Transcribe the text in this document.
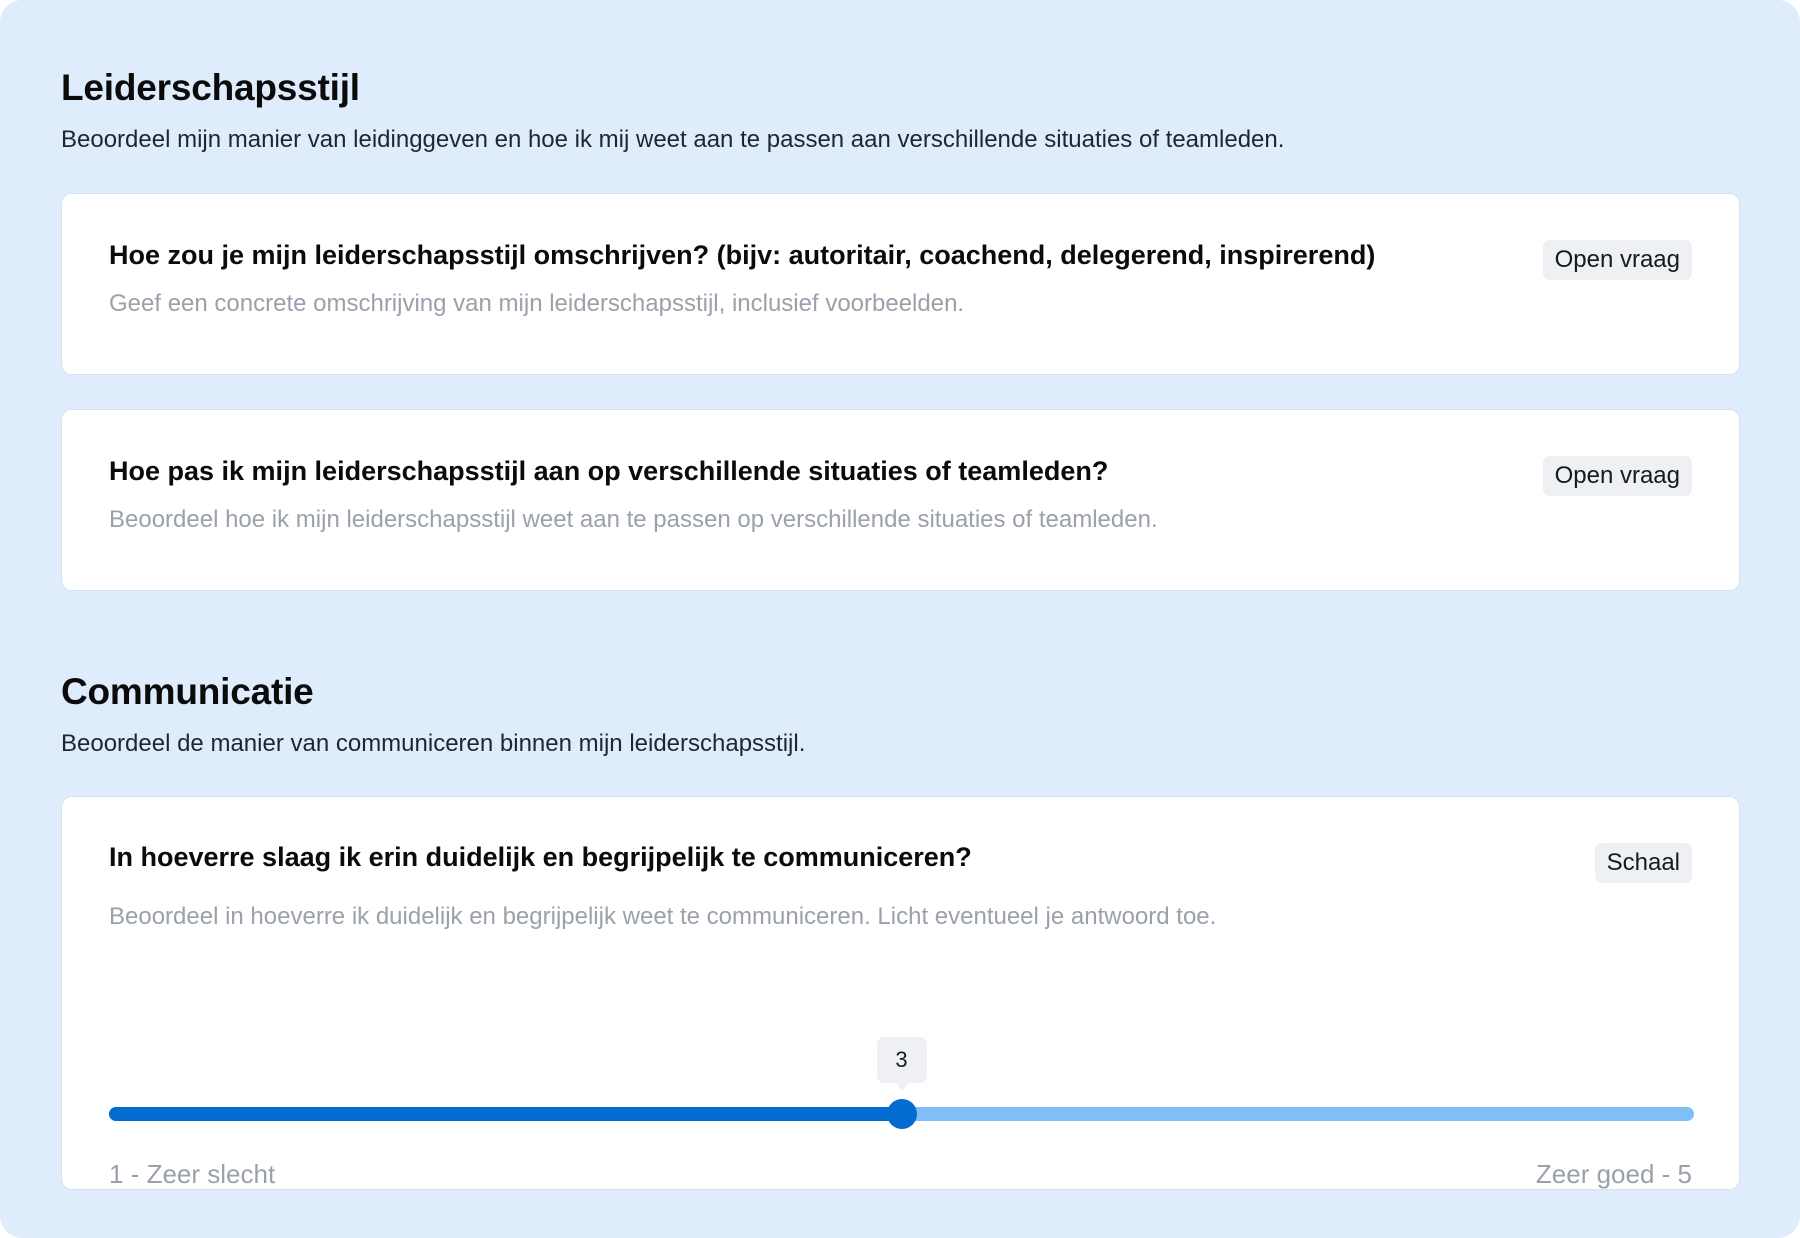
Leiderschapsstijl
Beoordeel mijn manier van leidinggeven en hoe ik mij weet aan te passen aan verschillende situaties of teamleden.
Hoe zou je mijn leiderschapsstijl omschrijven? (bijv: autoritair, coachend, delegerend, inspirerend)
Geef een concrete omschrijving van mijn leiderschapsstijl, inclusief voorbeelden.
Open vraag
Hoe pas ik mijn leiderschapsstijl aan op verschillende situaties of teamleden?
Beoordeel hoe ik mijn leiderschapsstijl weet aan te passen op verschillende situaties of teamleden.
Open vraag
Communicatie
Beoordeel de manier van communiceren binnen mijn leiderschapsstijl.
In hoeverre slaag ik erin duidelijk en begrijpelijk te communiceren?
Beoordeel in hoeverre ik duidelijk en begrijpelijk weet te communiceren. Licht eventueel je antwoord toe.
Schaal
3
1 - Zeer slecht	Zeer goed - 5
